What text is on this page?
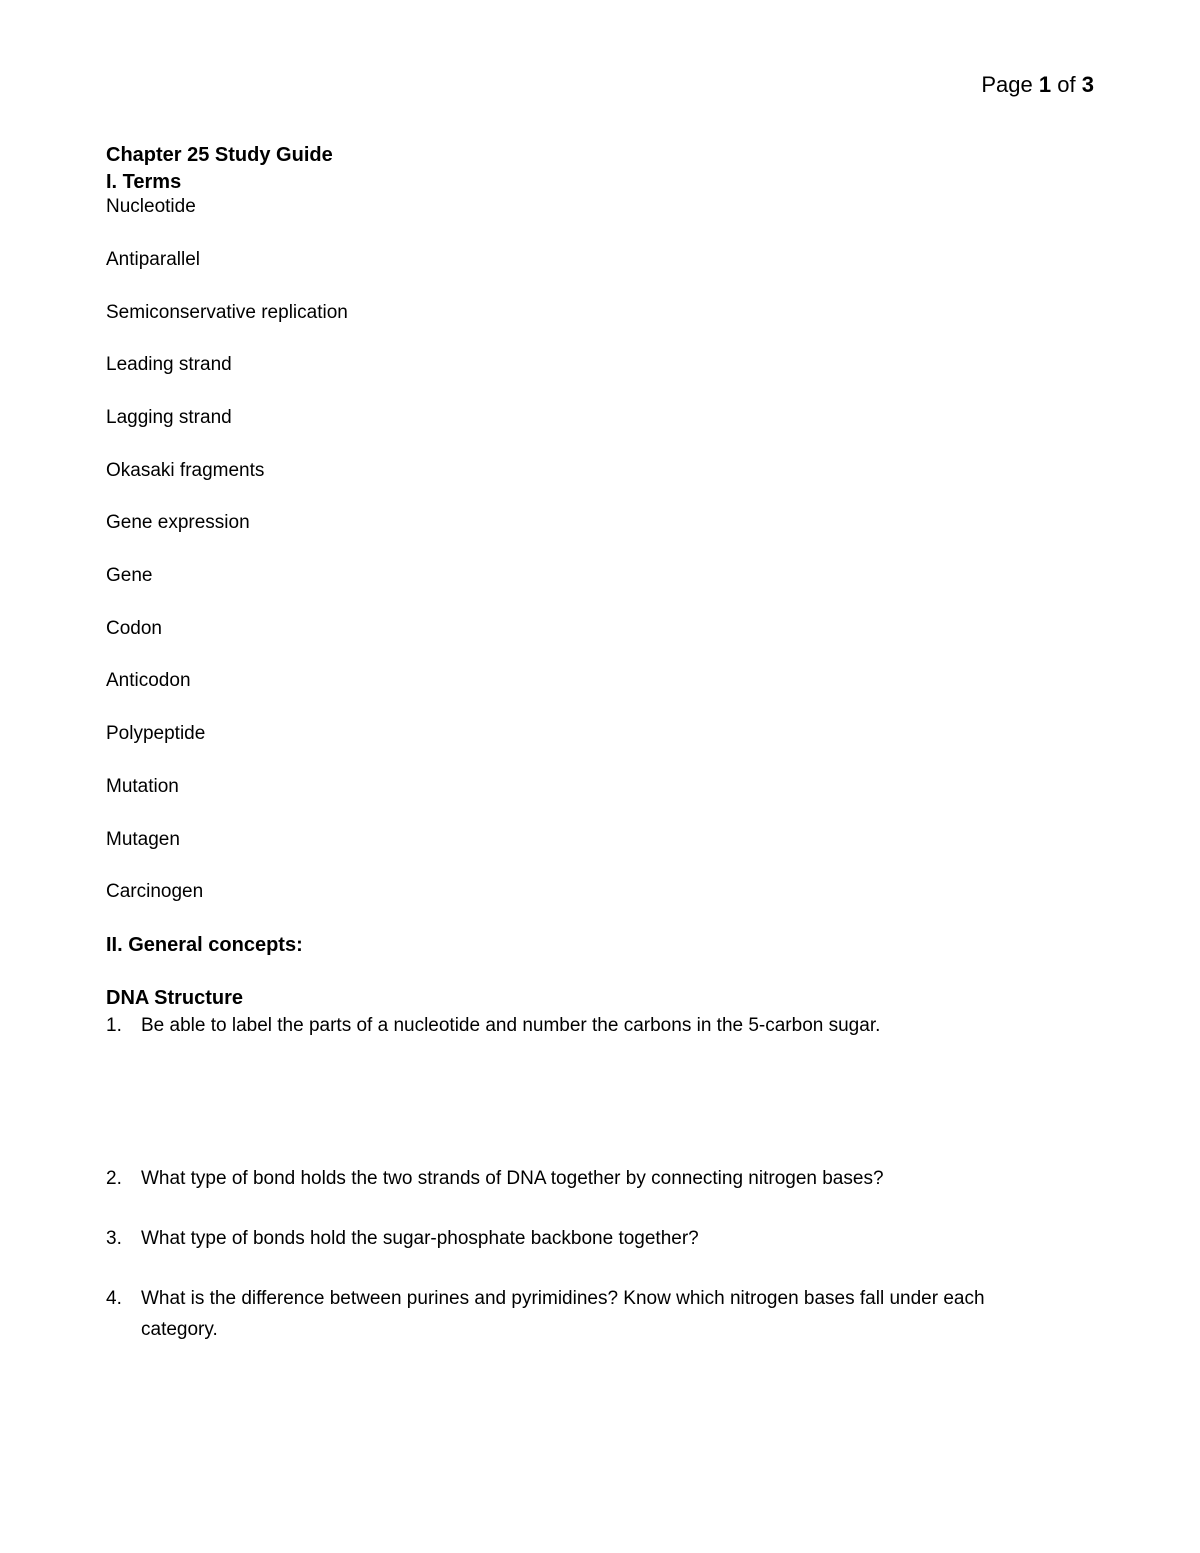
Page 1 of 3
Chapter 25 Study Guide
I. Terms
Nucleotide
Antiparallel
Semiconservative replication
Leading strand
Lagging strand
Okasaki fragments
Gene expression
Gene
Codon
Anticodon
Polypeptide
Mutation
Mutagen
Carcinogen
II. General concepts:
DNA Structure
1. Be able to label the parts of a nucleotide and number the carbons in the 5-carbon sugar.
2. What type of bond holds the two strands of DNA together by connecting nitrogen bases?
3. What type of bonds hold the sugar-phosphate backbone together?
4. What is the difference between purines and pyrimidines? Know which nitrogen bases fall under each category.
